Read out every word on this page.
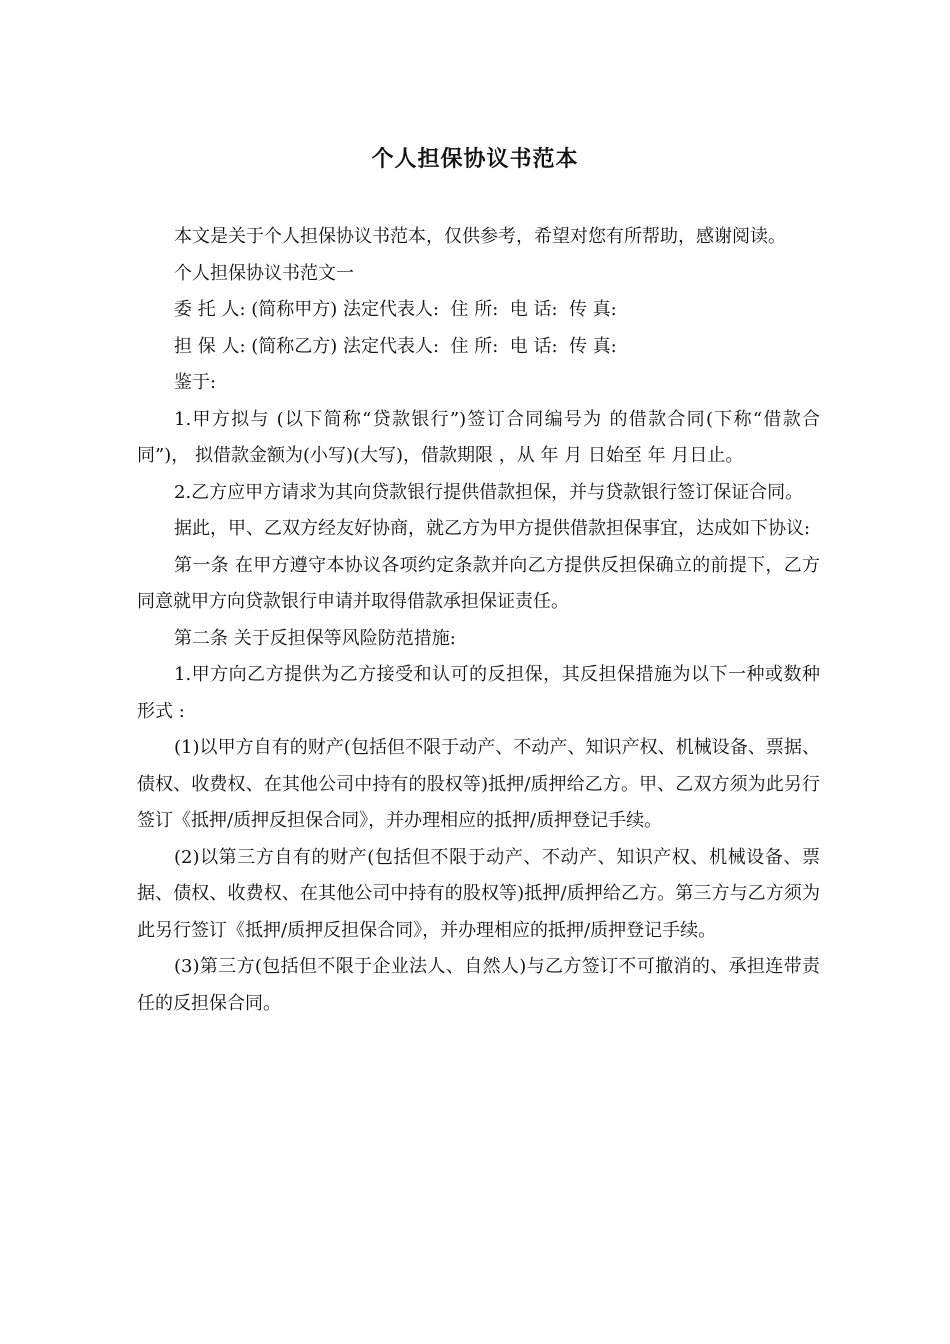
个人担保协议书范本

本文是关于个人担保协议书范本，仅供参考，希望对您有所帮助，感谢阅读。

个人担保协议书范文一

委 托 人: (简称甲方) 法定代表人:  住 所:  电 话:  传 真:

担 保 人: (简称乙方) 法定代表人:  住 所:  电 话:  传 真:

鉴于:

1.甲方拟与 (以下简称“贷款银行”)签订合同编号为 的借款合同(下称“借款合同”)， 拟借款金额为(小写)(大写)，借款期限 ，从 年 月 日始至 年 月日止。

2.乙方应甲方请求为其向贷款银行提供借款担保，并与贷款银行签订保证合同。

据此，甲、乙双方经友好协商，就乙方为甲方提供借款担保事宜，达成如下协议:

第一条 在甲方遵守本协议各项约定条款并向乙方提供反担保确立的前提下，乙方同意就甲方向贷款银行申请并取得借款承担保证责任。

第二条 关于反担保等风险防范措施:

1.甲方向乙方提供为乙方接受和认可的反担保，其反担保措施为以下一种或数种形式 :

(1)以甲方自有的财产(包括但不限于动产、不动产、知识产权、机械设备、票据、债权、收费权、在其他公司中持有的股权等)抵押/质押给乙方。甲、乙双方须为此另行签订《抵押/质押反担保合同》，并办理相应的抵押/质押登记手续。

(2)以第三方自有的财产(包括但不限于动产、不动产、知识产权、机械设备、票据、债权、收费权、在其他公司中持有的股权等)抵押/质押给乙方。第三方与乙方须为此另行签订《抵押/质押反担保合同》，并办理相应的抵押/质押登记手续。

(3)第三方(包括但不限于企业法人、自然人)与乙方签订不可撤消的、承担连带责任的反担保合同。
